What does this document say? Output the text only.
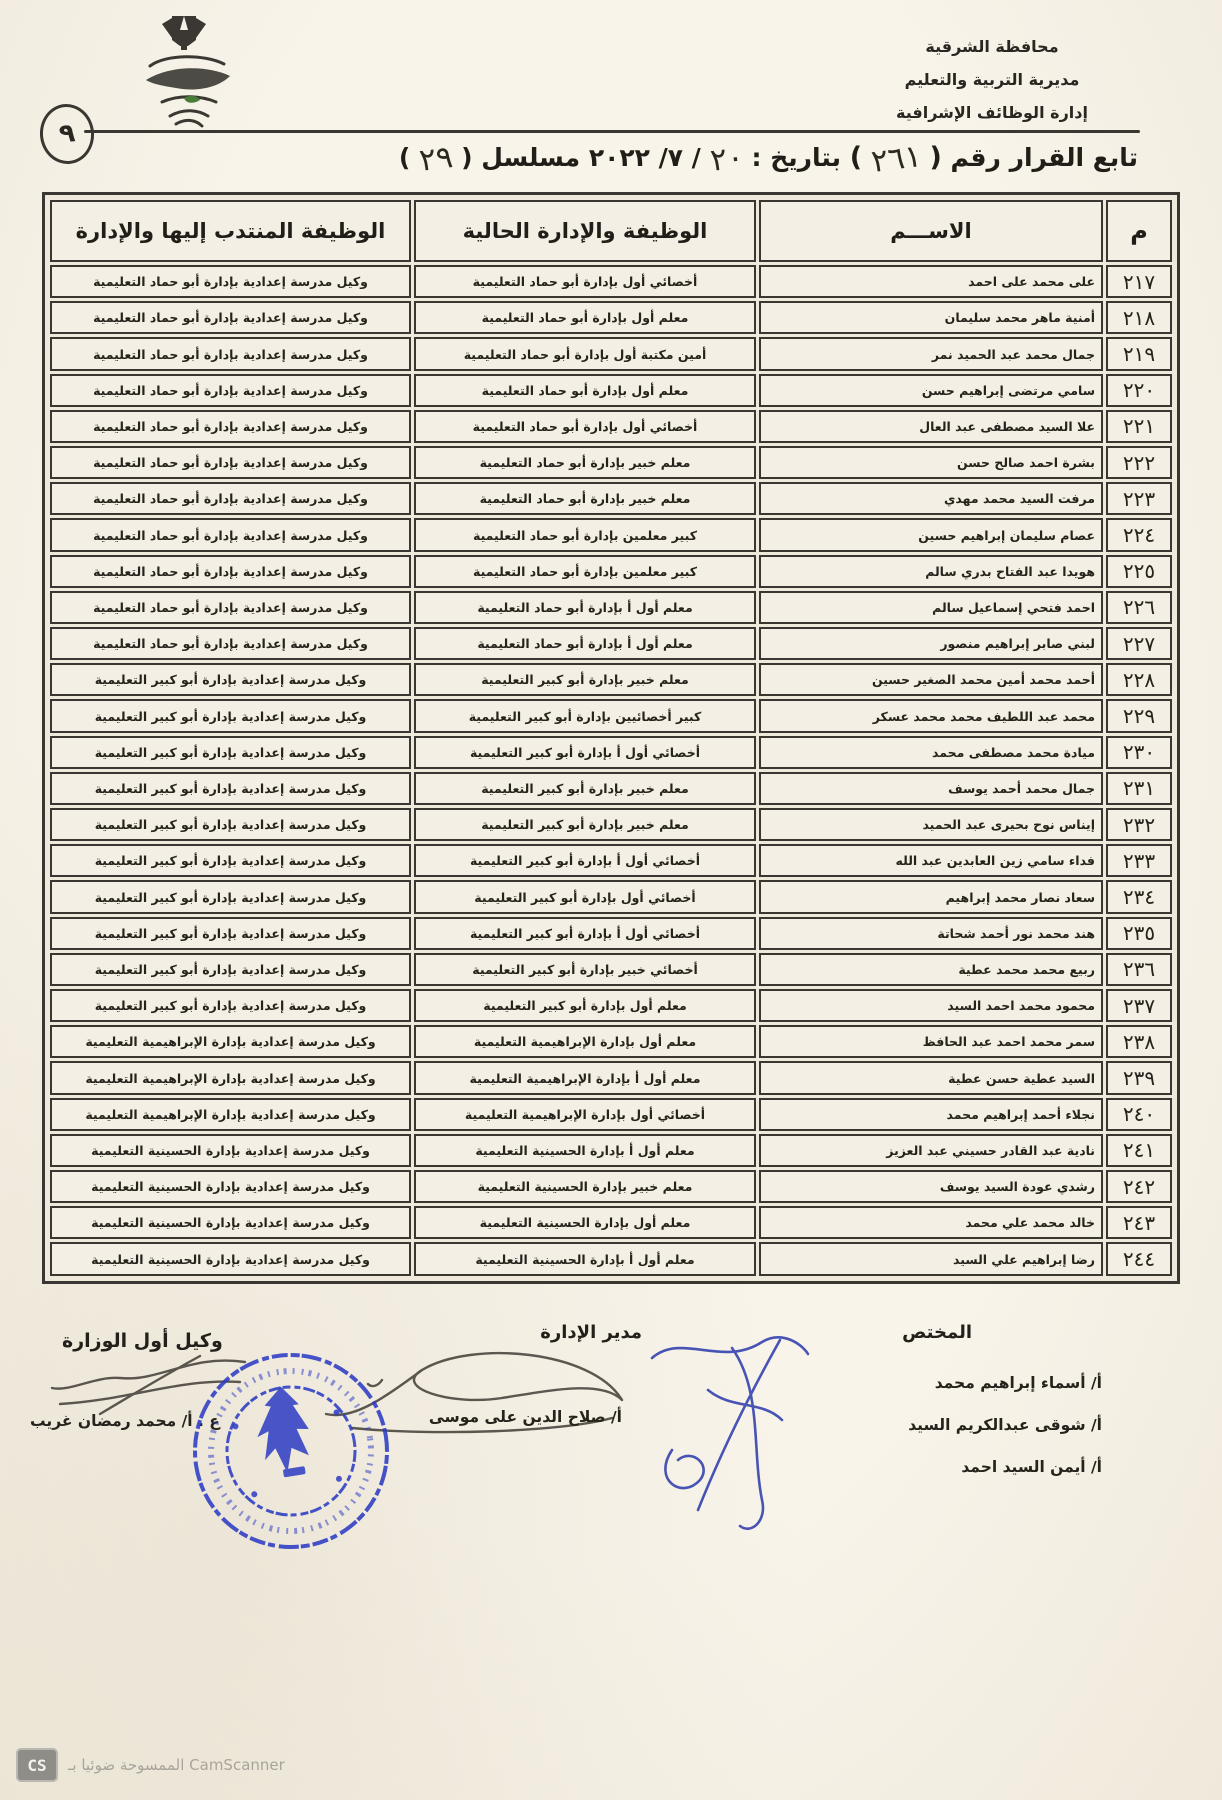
محافظة الشرقية
مديرية التربية والتعليم
إدارة الوظائف الإشرافية
٩
تابع القرار رقم ( ٢٦١ ) بتاريخ : ٢٠ / ٧/ ٢٠٢٢ مسلسل ( ٢٩ )
م	الاســـم	الوظيفة والإدارة الحالية	الوظيفة المنتدب إليها والإدارة
٢١٧	على محمد على احمد	أخصائي أول بإدارة أبو حماد التعليمية	وكيل مدرسة إعدادية بإدارة أبو حماد التعليمية
٢١٨	أمنية ماهر محمد سليمان	معلم أول بإدارة أبو حماد التعليمية	وكيل مدرسة إعدادية بإدارة أبو حماد التعليمية
٢١٩	جمال محمد عبد الحميد نمر	أمين مكتبة أول بإدارة أبو حماد التعليمية	وكيل مدرسة إعدادية بإدارة أبو حماد التعليمية
٢٢٠	سامي مرتضى إبراهيم حسن	معلم أول بإدارة أبو حماد التعليمية	وكيل مدرسة إعدادية بإدارة أبو حماد التعليمية
٢٢١	علا السيد مصطفى عبد العال	أخصائي أول بإدارة أبو حماد التعليمية	وكيل مدرسة إعدادية بإدارة أبو حماد التعليمية
٢٢٢	بشرة احمد صالح حسن	معلم خبير بإدارة أبو حماد التعليمية	وكيل مدرسة إعدادية بإدارة أبو حماد التعليمية
٢٢٣	مرفت السيد محمد مهدي	معلم خبير بإدارة أبو حماد التعليمية	وكيل مدرسة إعدادية بإدارة أبو حماد التعليمية
٢٢٤	عصام سليمان إبراهيم حسين	كبير معلمين بإدارة أبو حماد التعليمية	وكيل مدرسة إعدادية بإدارة أبو حماد التعليمية
٢٢٥	هويدا عبد الفتاح بدري سالم	كبير معلمين بإدارة أبو حماد التعليمية	وكيل مدرسة إعدادية بإدارة أبو حماد التعليمية
٢٢٦	احمد فتحي إسماعيل سالم	معلم أول أ بإدارة أبو حماد التعليمية	وكيل مدرسة إعدادية بإدارة أبو حماد التعليمية
٢٢٧	لبني صابر إبراهيم منصور	معلم أول أ بإدارة أبو حماد التعليمية	وكيل مدرسة إعدادية بإدارة أبو حماد التعليمية
٢٢٨	أحمد محمد أمين محمد الصغير حسين	معلم خبير بإدارة أبو كبير التعليمية	وكيل مدرسة إعدادية بإدارة أبو كبير التعليمية
٢٢٩	محمد عبد اللطيف محمد محمد عسكر	كبير أخصائيين بإدارة أبو كبير التعليمية	وكيل مدرسة إعدادية بإدارة أبو كبير التعليمية
٢٣٠	ميادة محمد مصطفى محمد	أخصائي أول أ بإدارة أبو كبير التعليمية	وكيل مدرسة إعدادية بإدارة أبو كبير التعليمية
٢٣١	جمال محمد أحمد يوسف	معلم خبير بإدارة أبو كبير التعليمية	وكيل مدرسة إعدادية بإدارة أبو كبير التعليمية
٢٣٢	إيناس نوح بحيرى عبد الحميد	معلم خبير بإدارة أبو كبير التعليمية	وكيل مدرسة إعدادية بإدارة أبو كبير التعليمية
٢٣٣	فداء سامي زين العابدين عبد الله	أخصائي أول أ بإدارة أبو كبير التعليمية	وكيل مدرسة إعدادية بإدارة أبو كبير التعليمية
٢٣٤	سعاد نصار محمد إبراهيم	أخصائي أول بإدارة أبو كبير التعليمية	وكيل مدرسة إعدادية بإدارة أبو كبير التعليمية
٢٣٥	هند محمد نور أحمد شحاتة	أخصائي أول أ بإدارة أبو كبير التعليمية	وكيل مدرسة إعدادية بإدارة أبو كبير التعليمية
٢٣٦	ربيع محمد محمد عطية	أخصائي خبير بإدارة أبو كبير التعليمية	وكيل مدرسة إعدادية بإدارة أبو كبير التعليمية
٢٣٧	محمود محمد احمد السيد	معلم أول بإدارة أبو كبير التعليمية	وكيل مدرسة إعدادية بإدارة أبو كبير التعليمية
٢٣٨	سمر محمد احمد عبد الحافظ	معلم أول بإدارة الإبراهيمية التعليمية	وكيل مدرسة إعدادية بإدارة الإبراهيمية التعليمية
٢٣٩	السيد عطية حسن عطية	معلم أول أ بإدارة الإبراهيمية التعليمية	وكيل مدرسة إعدادية بإدارة الإبراهيمية التعليمية
٢٤٠	نجلاء أحمد إبراهيم محمد	أخصائي أول بإدارة الإبراهيمية التعليمية	وكيل مدرسة إعدادية بإدارة الإبراهيمية التعليمية
٢٤١	نادية عبد القادر حسيني عبد العزيز	معلم أول أ بإدارة الحسينية التعليمية	وكيل مدرسة إعدادية بإدارة الحسينية التعليمية
٢٤٢	رشدي عودة السيد يوسف	معلم خبير بإدارة الحسينية التعليمية	وكيل مدرسة إعدادية بإدارة الحسينية التعليمية
٢٤٣	خالد محمد علي محمد	معلم أول بإدارة الحسينية التعليمية	وكيل مدرسة إعدادية بإدارة الحسينية التعليمية
٢٤٤	رضا إبراهيم علي السيد	معلم أول أ بإدارة الحسينية التعليمية	وكيل مدرسة إعدادية بإدارة الحسينية التعليمية
المختص
أ/ أسماء إبراهيم محمد
أ/ شوقى عبدالكريم السيد
أ/ أيمن السيد احمد
مدير الإدارة
أ/ صلاح الدين على موسى
وكيل أول الوزارة
ع . أ/ محمد رمضان غريب
CS	الممسوحة ضوئيا بـ CamScanner
